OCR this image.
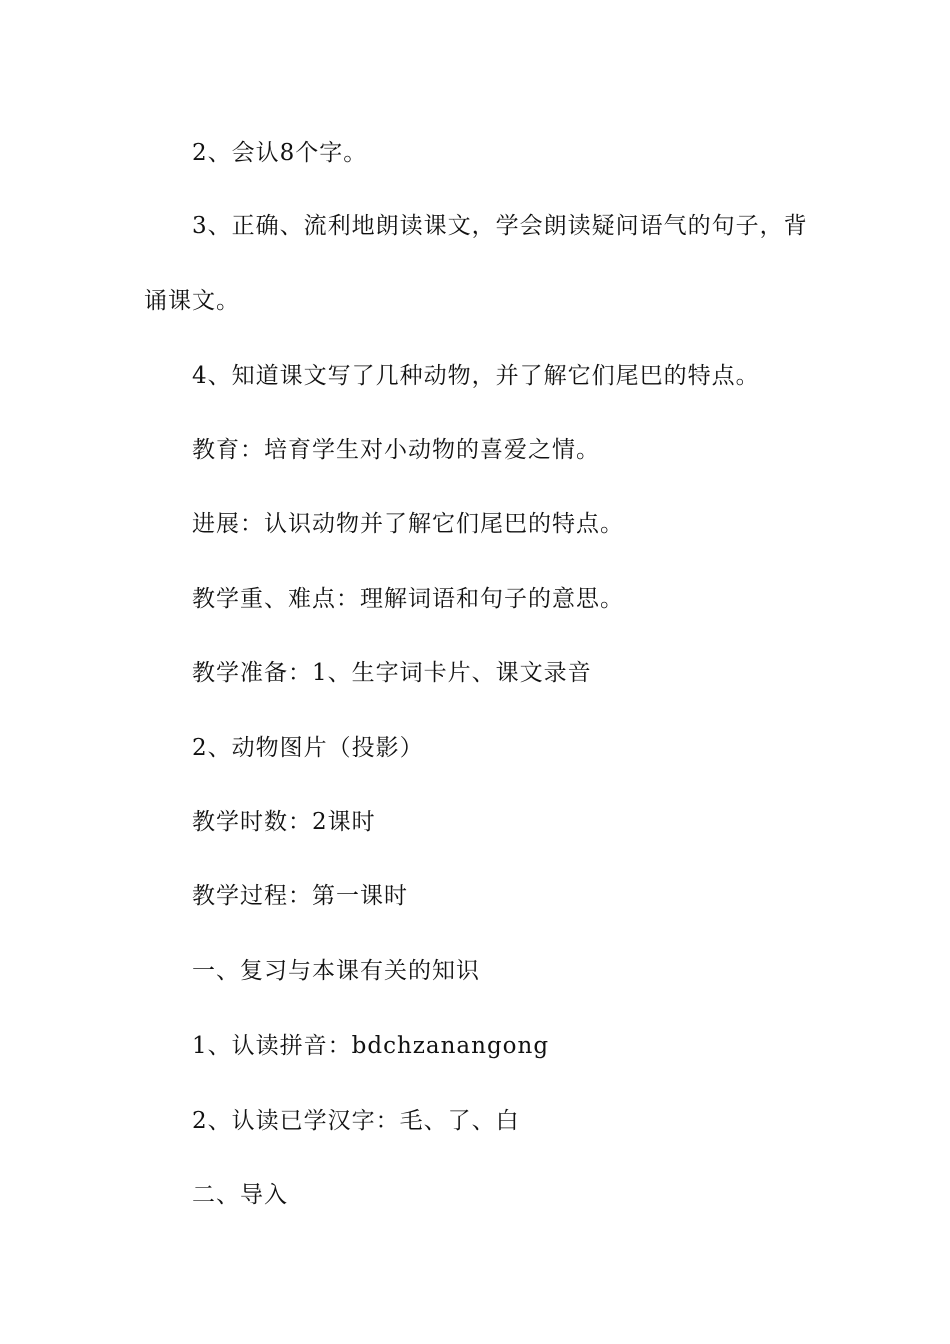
2、会认8个字。
3、正确、流利地朗读课文，学会朗读疑问语气的句子，背
诵课文。
4、知道课文写了几种动物，并了解它们尾巴的特点。
教育：培育学生对小动物的喜爱之情。
进展：认识动物并了解它们尾巴的特点。
教学重、难点：理解词语和句子的意思。
教学准备：1、生字词卡片、课文录音
2、动物图片（投影）
教学时数：2课时
教学过程：第一课时
一、复习与本课有关的知识
1、认读拼音：bdchzanangong
2、认读已学汉字：毛、了、白
二、导入
